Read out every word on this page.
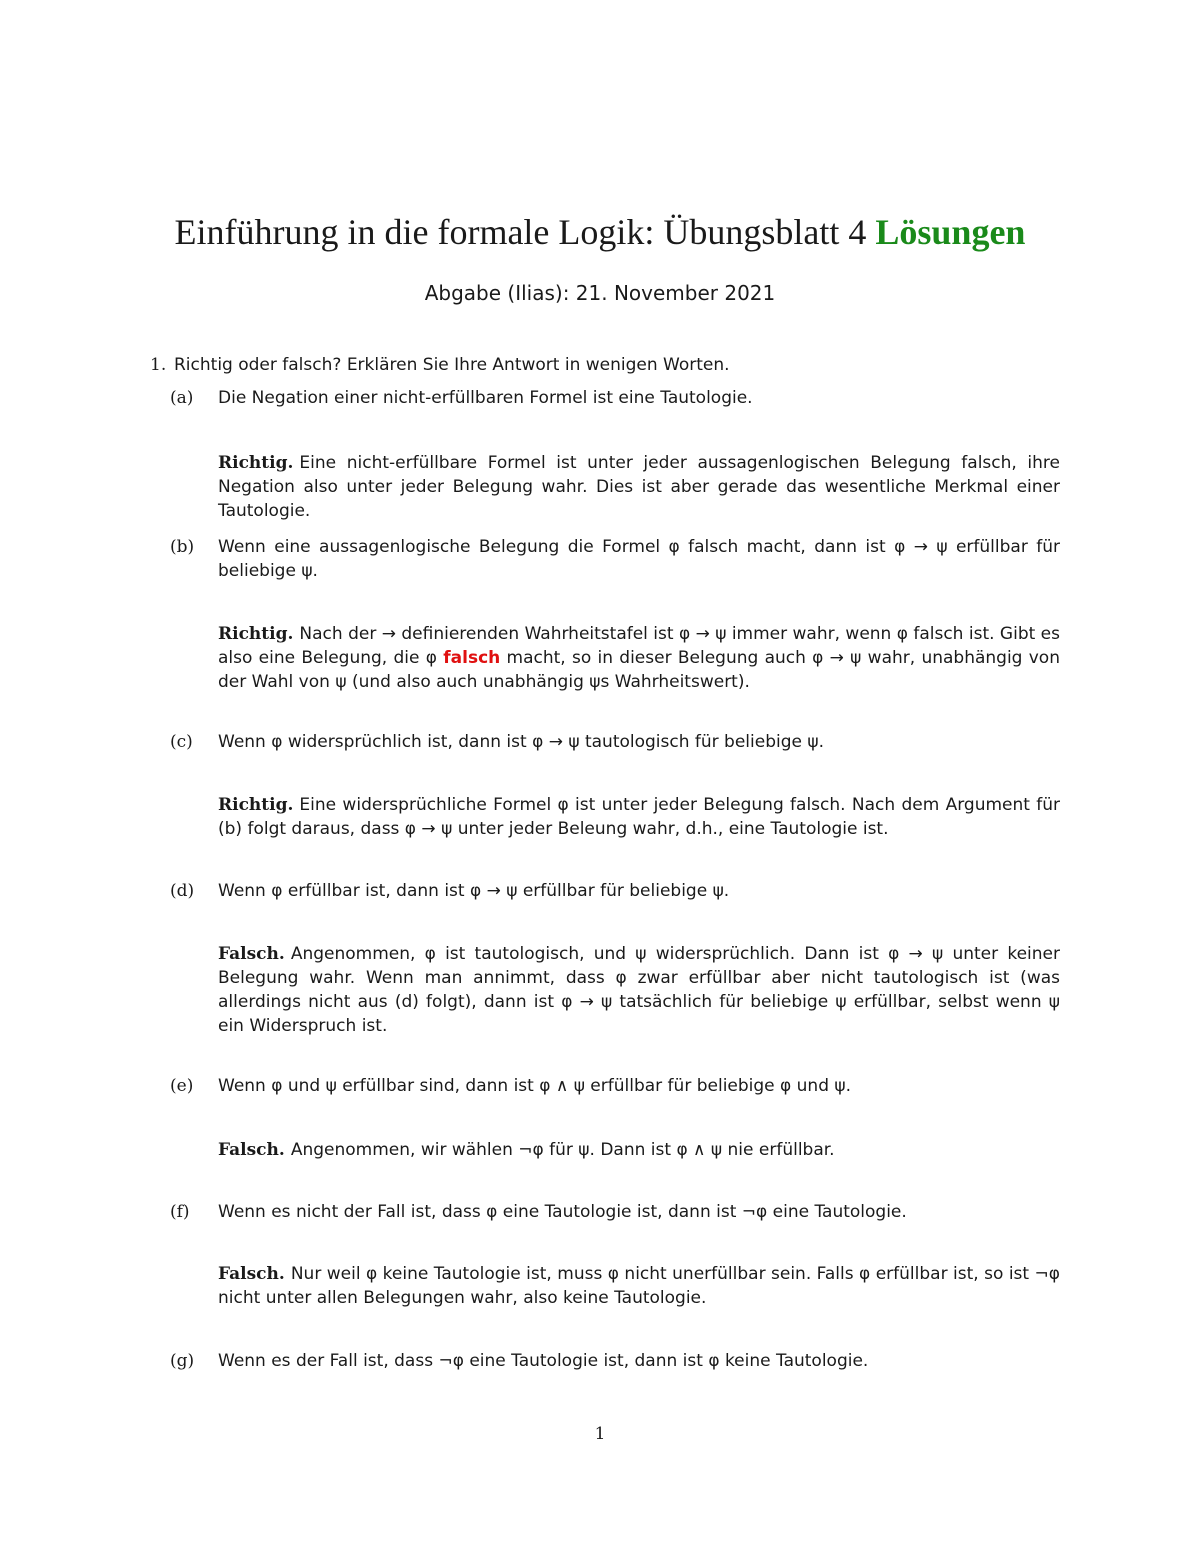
Einführung in die formale Logik: Übungsblatt 4 Lösungen
Abgabe (Ilias): 21. November 2021
1. Richtig oder falsch? Erklären Sie Ihre Antwort in wenigen Worten.
(a)	Die Negation einer nicht-erfüllbaren Formel ist eine Tautologie.
Richtig. Eine nicht-erfüllbare Formel ist unter jeder aussagenlogischen Belegung falsch, ihre Negation also unter jeder Belegung wahr. Dies ist aber gerade das wesentliche Merkmal einer Tautologie.
(b)	Wenn eine aussagenlogische Belegung die Formel φ falsch macht, dann ist φ → ψ erfüllbar für beliebige ψ.
Richtig. Nach der → definierenden Wahrheitstafel ist φ → ψ immer wahr, wenn φ falsch ist. Gibt es also eine Belegung, die φ falsch macht, so in dieser Belegung auch φ → ψ wahr, unabhängig von der Wahl von ψ (und also auch unabhängig ψs Wahrheitswert).
(c)	Wenn φ widersprüchlich ist, dann ist φ → ψ tautologisch für beliebige ψ.
Richtig. Eine widersprüchliche Formel φ ist unter jeder Belegung falsch. Nach dem Argument für (b) folgt daraus, dass φ → ψ unter jeder Beleung wahr, d.h., eine Tautologie ist.
(d)	Wenn φ erfüllbar ist, dann ist φ → ψ erfüllbar für beliebige ψ.
Falsch. Angenommen, φ ist tautologisch, und ψ widersprüchlich. Dann ist φ → ψ unter keiner Belegung wahr. Wenn man annimmt, dass φ zwar erfüllbar aber nicht tautologisch ist (was allerdings nicht aus (d) folgt), dann ist φ → ψ tatsächlich für beliebige ψ erfüllbar, selbst wenn ψ ein Widerspruch ist.
(e)	Wenn φ und ψ erfüllbar sind, dann ist φ ∧ ψ erfüllbar für beliebige φ und ψ.
Falsch. Angenommen, wir wählen ¬φ für ψ. Dann ist φ ∧ ψ nie erfüllbar.
(f)	Wenn es nicht der Fall ist, dass φ eine Tautologie ist, dann ist ¬φ eine Tautologie.
Falsch. Nur weil φ keine Tautologie ist, muss φ nicht unerfüllbar sein. Falls φ erfüllbar ist, so ist ¬φ nicht unter allen Belegungen wahr, also keine Tautologie.
(g)	Wenn es der Fall ist, dass ¬φ eine Tautologie ist, dann ist φ keine Tautologie.
1
